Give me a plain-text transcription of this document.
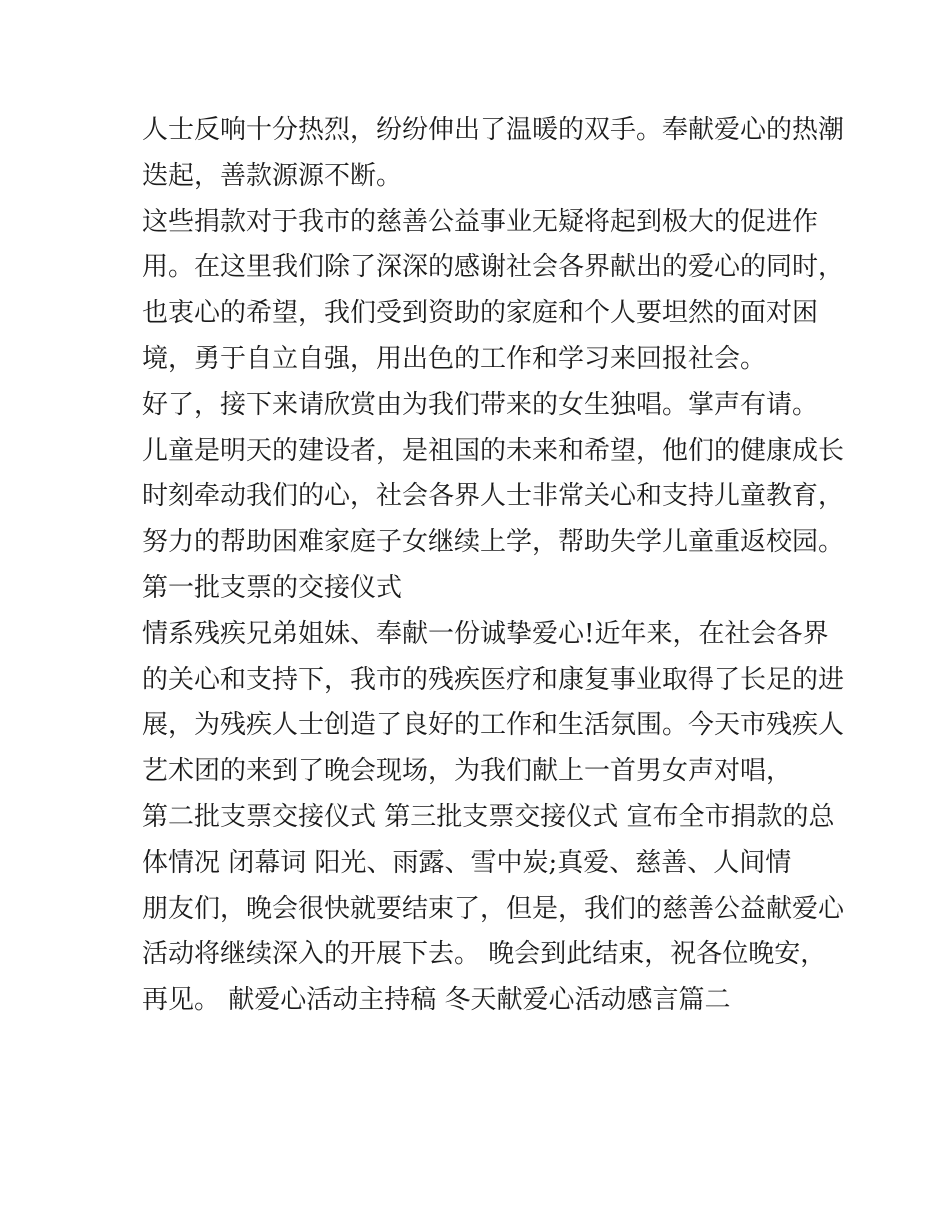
人士反响十分热烈，纷纷伸出了温暖的双手。奉献爱心的热潮
迭起，善款源源不断。
这些捐款对于我市的慈善公益事业无疑将起到极大的促进作
用。在这里我们除了深深的感谢社会各界献出的爱心的同时，
也衷心的希望，我们受到资助的家庭和个人要坦然的面对困
境，勇于自立自强，用出色的工作和学习来回报社会。
好了，接下来请欣赏由为我们带来的女生独唱。掌声有请。
儿童是明天的建设者，是祖国的未来和希望，他们的健康成长
时刻牵动我们的心，社会各界人士非常关心和支持儿童教育，
努力的帮助困难家庭子女继续上学，帮助失学儿童重返校园。
第一批支票的交接仪式
情系残疾兄弟姐妹、奉献一份诚挚爱心!近年来，在社会各界
的关心和支持下，我市的残疾医疗和康复事业取得了长足的进
展，为残疾人士创造了良好的工作和生活氛围。今天市残疾人
艺术团的来到了晚会现场，为我们献上一首男女声对唱，
第二批支票交接仪式 第三批支票交接仪式 宣布全市捐款的总
体情况 闭幕词 阳光、雨露、雪中炭;真爱、慈善、人间情
朋友们，晚会很快就要结束了，但是，我们的慈善公益献爱心
活动将继续深入的开展下去。 晚会到此结束，祝各位晚安，
再见。 献爱心活动主持稿 冬天献爱心活动感言篇二
